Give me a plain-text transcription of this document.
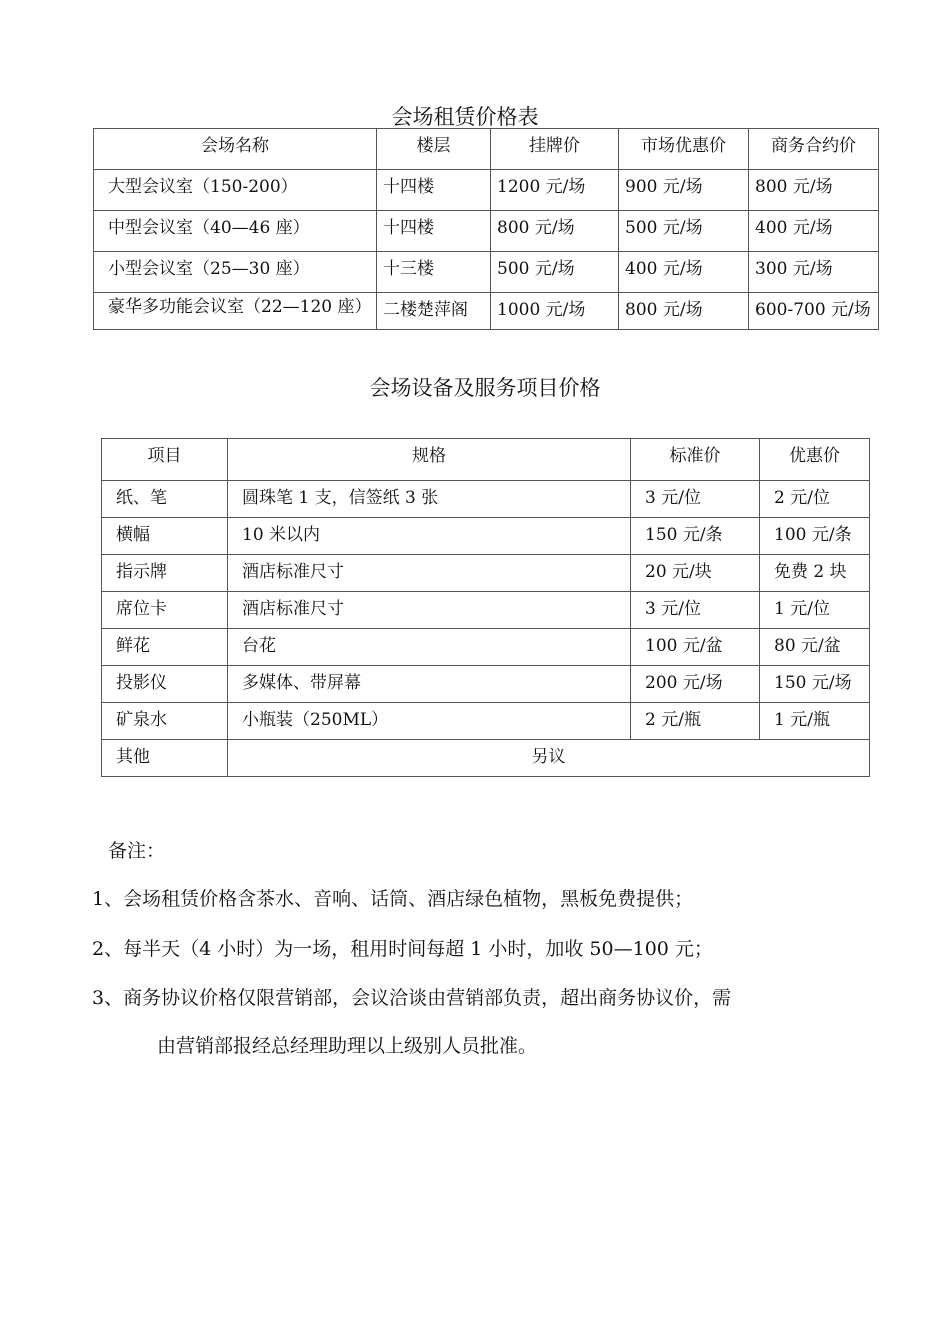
会场租赁价格表
会场名称	楼层	挂牌价	市场优惠价	商务合约价
大型会议室（150-200）	十四楼	1200 元/场	900 元/场	800 元/场
中型会议室（40—46 座）	十四楼	800 元/场	500 元/场	400 元/场
小型会议室（25—30 座）	十三楼	500 元/场	400 元/场	300 元/场
豪华多功能会议室（22—120 座）	二楼楚萍阁	1000 元/场	800 元/场	600-700 元/场
会场设备及服务项目价格
项目	规格	标准价	优惠价
纸、笔	圆珠笔 1 支，信签纸 3 张	3 元/位	2 元/位
横幅	10 米以内	150 元/条	100 元/条
指示牌	酒店标准尺寸	20 元/块	免费 2 块
席位卡	酒店标准尺寸	3 元/位	1 元/位
鲜花	台花	100 元/盆	80 元/盆
投影仪	多媒体、带屏幕	200 元/场	150 元/场
矿泉水	小瓶装（250ML）	2 元/瓶	1 元/瓶
其他	另议		
备注：
1、会场租赁价格含茶水、音响、话筒、酒店绿色植物，黑板免费提供；
2、每半天（4 小时）为一场，租用时间每超 1 小时，加收 50—100 元；
3、商务协议价格仅限营销部，会议洽谈由营销部负责，超出商务协议价，需
由营销部报经总经理助理以上级别人员批准。
